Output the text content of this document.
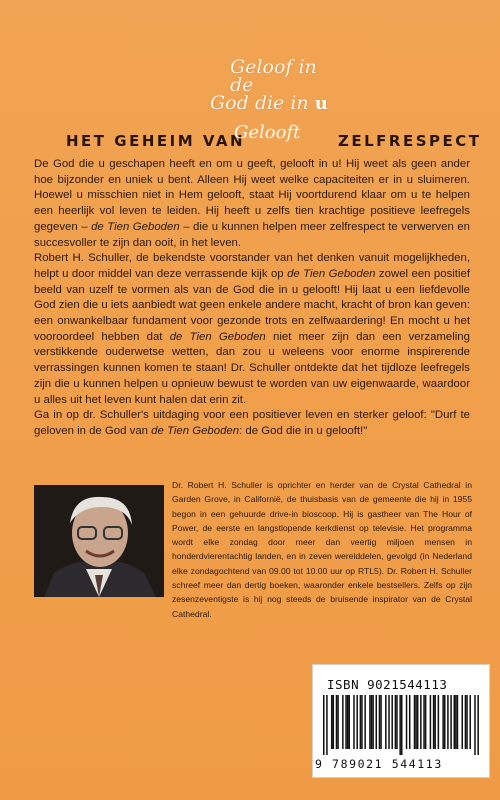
Geloof in de
God die in u
HET GEHEIM VAN
Gelooft	ZELFRESPECT

De God die u geschapen heeft en om u geeft, gelooft in u! Hij weet als geen ander hoe bijzonder en uniek u bent. Alleen Hij weet welke capaciteiten er in u sluimeren. Hoewel u misschien niet in Hem gelooft, staat Hij voortdurend klaar om u te helpen een heerlijk vol leven te leiden. Hij heeft u zelfs tien krachtige positieve leefregels gegeven – de Tien Geboden – die u kunnen helpen meer zelfrespect te verwerven en succesvoller te zijn dan ooit, in het leven.

Robert H. Schuller, de bekendste voorstander van het denken vanuit mogelijkheden, helpt u door middel van deze verrassende kijk op de Tien Geboden zowel een positief beeld van uzelf te vormen als van de God die in u gelooft! Hij laat u een liefdevolle God zien die u iets aanbiedt wat geen enkele andere macht, kracht of bron kan geven: een onwankelbaar fundament voor gezonde trots en zelfwaardering! En mocht u het vooroordeel hebben dat de Tien Geboden niet meer zijn dan een verzameling verstikkende ouderwetse wetten, dan zou u weleens voor enorme inspirerende verrassingen kunnen komen te staan! Dr. Schuller ontdekte dat het tijdloze leefregels zijn die u kunnen helpen u opnieuw bewust te worden van uw eigenwaarde, waardoor u alles uit het leven kunt halen dat erin zit.

Ga in op dr. Schuller's uitdaging voor een positiever leven en sterker geloof: "Durf te geloven in de God van de Tien Geboden: de God die in u gelooft!"

Dr. Robert H. Schuller is oprichter en herder van de Crystal Cathedral in Garden Grove, in Californië, de thuisbasis van de gemeente die hij in 1955 begon in een gehuurde drive-in bioscoop. Hij is gastheer van The Hour of Power, de eerste en langstlopende kerkdienst op televisie. Het programma wordt elke zondag door meer dan veertig miljoen mensen in honderdvierentachtig landen, en in zeven werelddelen, gevolgd (in Nederland elke zondagochtend van 09.00 tot 10.00 uur op RTL5). Dr. Robert H. Schuller schreef meer dan dertig boeken, waaronder enkele bestsellers. Zelfs op zijn zesenzeventigste is hij nog steeds de bruisende inspirator van de Crystal Cathedral.
ISBN 9021544113
9 789021 544113
